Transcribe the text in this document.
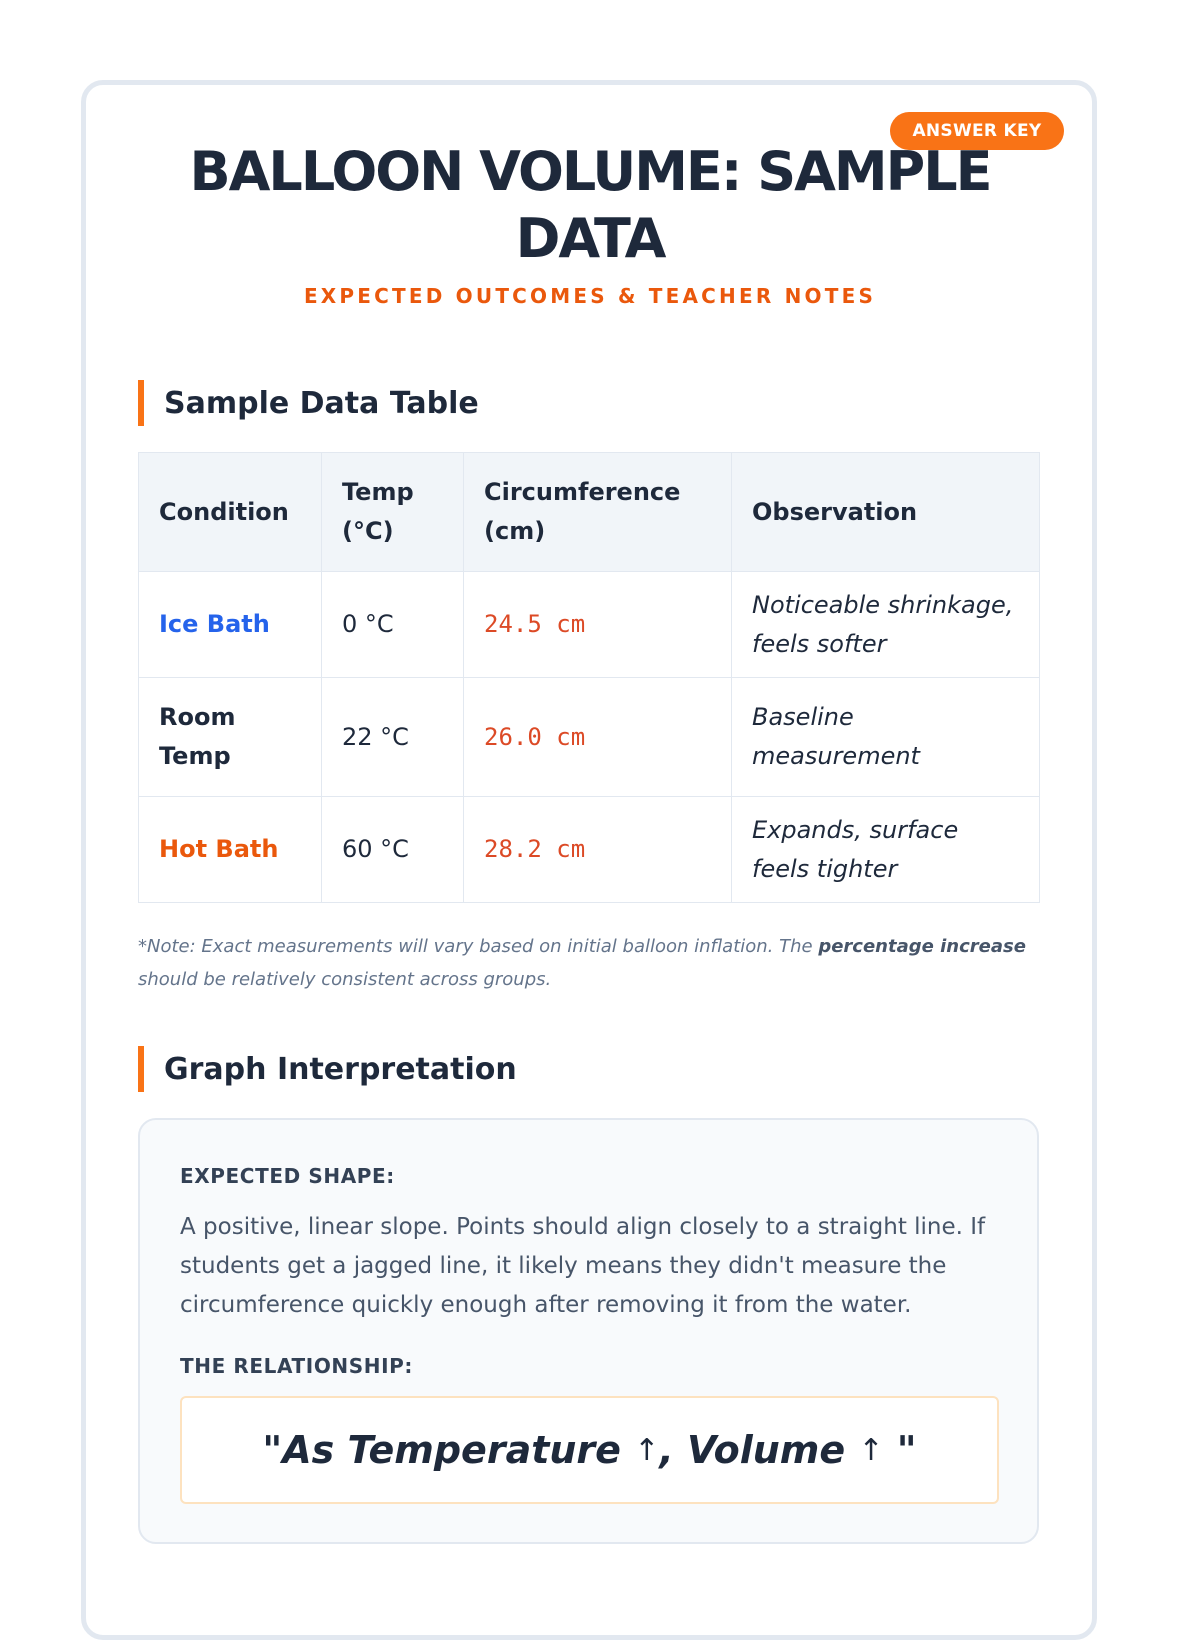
ANSWER KEY
BALLOON VOLUME: SAMPLE DATA
EXPECTED OUTCOMES & TEACHER NOTES
Sample Data Table
Condition	Temp (°C)	Circumference (cm)	Observation
Ice Bath	0 °C	24.5 cm	Noticeable shrinkage, feels softer
Room Temp	22 °C	26.0 cm	Baseline measurement
Hot Bath	60 °C	28.2 cm	Expands, surface feels tighter

*Note: Exact measurements will vary based on initial balloon inflation. The percentage increase should be relatively consistent across groups.

Graph Interpretation
EXPECTED SHAPE:

A positive, linear slope. Points should align closely to a straight line. If students get a jagged line, it likely means they didn't measure the circumference quickly enough after removing it from the water.

THE RELATIONSHIP:
"As Temperature ↑ , Volume ↑ "
